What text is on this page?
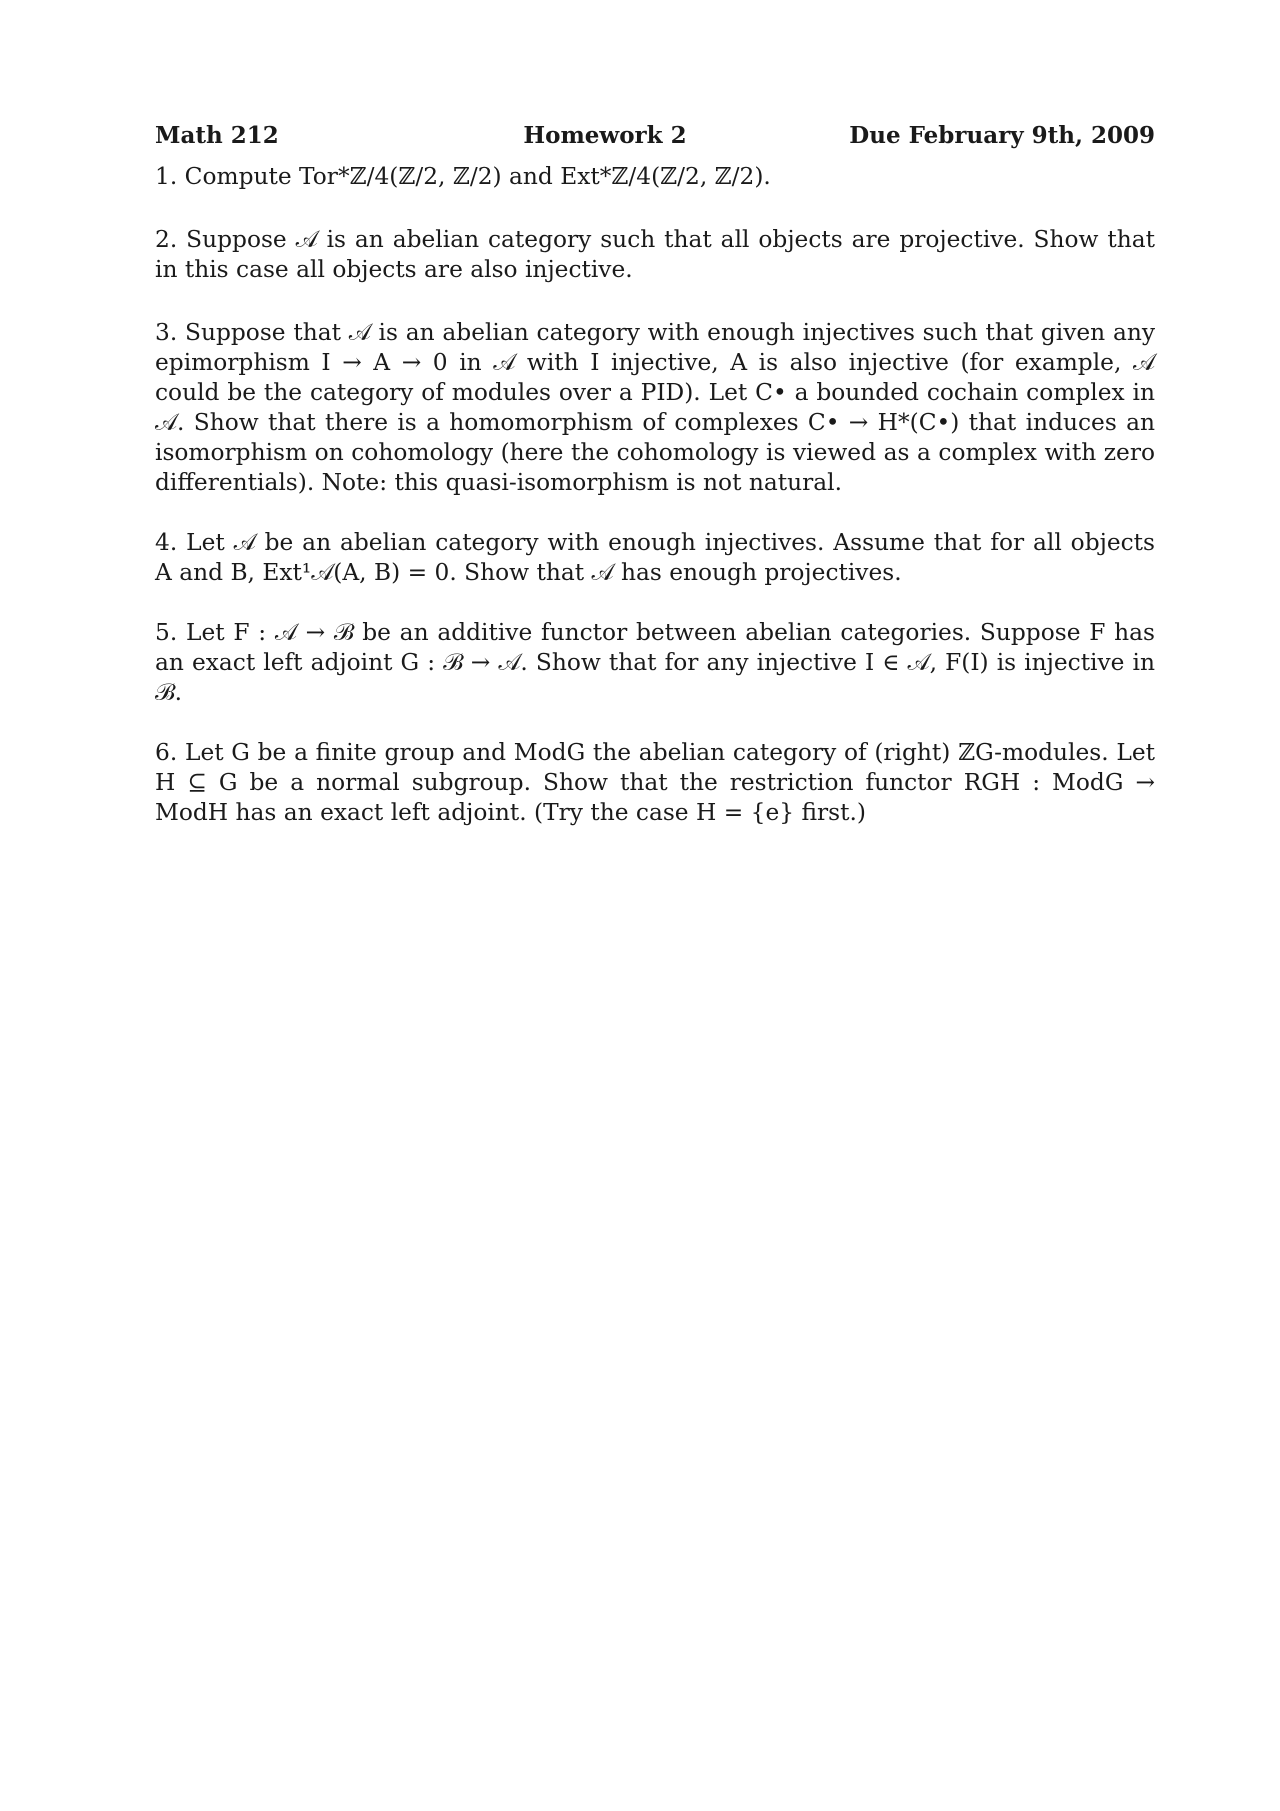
Math 212	Homework 2	Due February 9th, 2009

1. Compute Tor*ℤ/4(ℤ/2, ℤ/2) and Ext*ℤ/4(ℤ/2, ℤ/2).

2. Suppose 𝒜 is an abelian category such that all objects are projective. Show that in this case all objects are also injective.

3. Suppose that 𝒜 is an abelian category with enough injectives such that given any epimorphism I → A → 0 in 𝒜 with I injective, A is also injective (for example, 𝒜 could be the category of modules over a PID). Let C• a bounded cochain complex in 𝒜. Show that there is a homomorphism of complexes C• → H*(C•) that induces an isomorphism on cohomology (here the cohomology is viewed as a complex with zero differentials). Note: this quasi-isomorphism is not natural.

4. Let 𝒜 be an abelian category with enough injectives. Assume that for all objects A and B, Ext¹𝒜(A, B) = 0. Show that 𝒜 has enough projectives.

5. Let F : 𝒜 → ℬ be an additive functor between abelian categories. Suppose F has an exact left adjoint G : ℬ → 𝒜. Show that for any injective I ∈ 𝒜, F(I) is injective in ℬ.

6. Let G be a finite group and ModG the abelian category of (right) ℤG-modules. Let H ⊆ G be a normal subgroup. Show that the restriction functor RGH : ModG → ModH has an exact left adjoint. (Try the case H = {e} first.)
